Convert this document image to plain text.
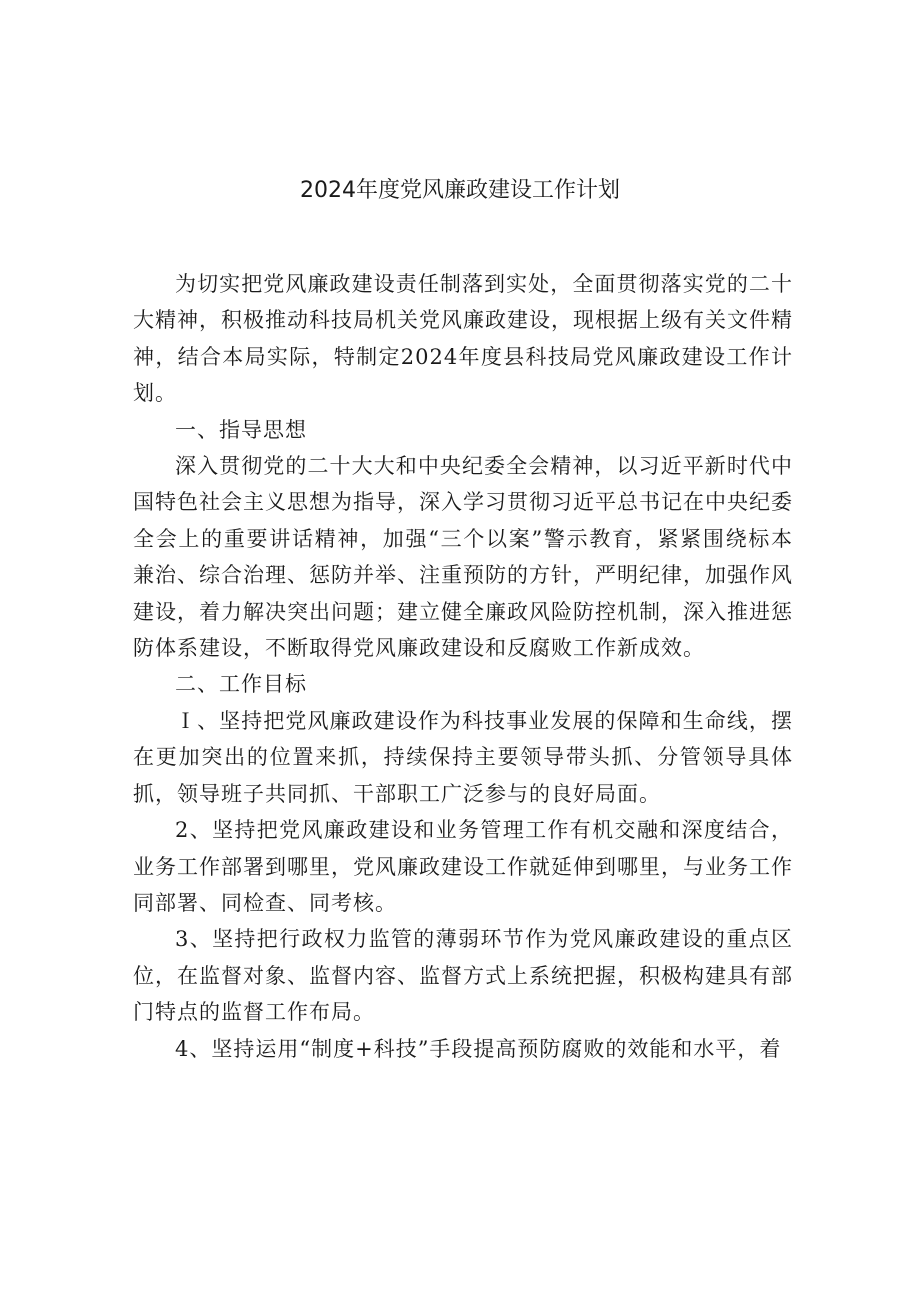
2024年度党风廉政建设工作计划

为切实把党风廉政建设责任制落到实处，全面贯彻落实党的二十大精神，积极推动科技局机关党风廉政建设，现根据上级有关文件精神，结合本局实际，特制定2024年度县科技局党风廉政建设工作计划。

一、指导思想

深入贯彻党的二十大大和中央纪委全会精神，以习近平新时代中国特色社会主义思想为指导，深入学习贯彻习近平总书记在中央纪委全会上的重要讲话精神，加强“三个以案”警示教育，紧紧围绕标本兼治、综合治理、惩防并举、注重预防的方针，严明纪律，加强作风建设，着力解决突出问题；建立健全廉政风险防控机制，深入推进惩防体系建设，不断取得党风廉政建设和反腐败工作新成效。

二、工作目标

Ｉ、坚持把党风廉政建设作为科技事业发展的保障和生命线，摆在更加突出的位置来抓，持续保持主要领导带头抓、分管领导具体抓，领导班子共同抓、干部职工广泛参与的良好局面。

2、坚持把党风廉政建设和业务管理工作有机交融和深度结合，业务工作部署到哪里，党风廉政建设工作就延伸到哪里，与业务工作同部署、同检查、同考核。

3、坚持把行政权力监管的薄弱环节作为党风廉政建设的重点区位，在监督对象、监督内容、监督方式上系统把握，积极构建具有部门特点的监督工作布局。

4、坚持运用“制度+科技”手段提高预防腐败的效能和水平，着
